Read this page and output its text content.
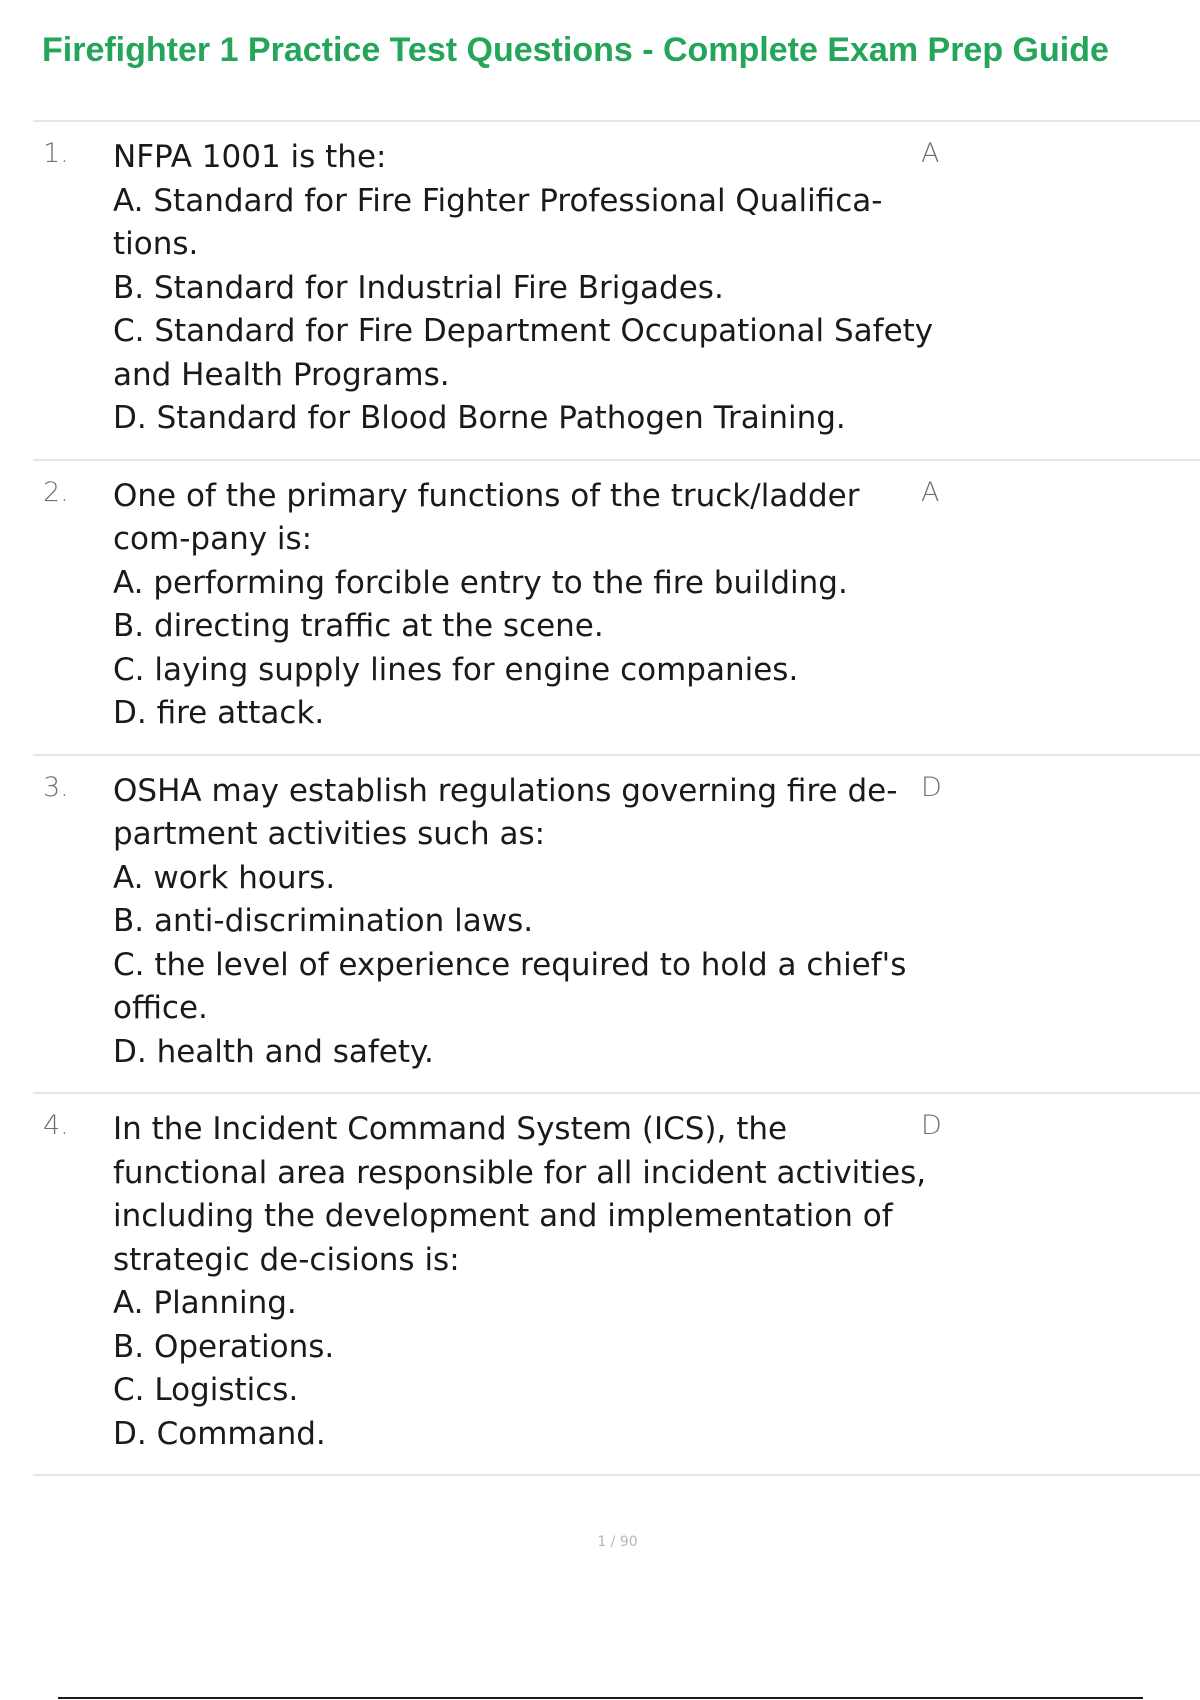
Firefighter 1 Practice Test Questions - Complete Exam Prep Guide
1. NFPA 1001 is the:
A. Standard for Fire Fighter Professional Qualifica-tions.
B. Standard for Industrial Fire Brigades.
C. Standard for Fire Department Occupational Safety and Health Programs.
D. Standard for Blood Borne Pathogen Training.
A
2. One of the primary functions of the truck/ladder com-pany is:
A. performing forcible entry to the fire building.
B. directing traffic at the scene.
C. laying supply lines for engine companies.
D. fire attack.
A
3. OSHA may establish regulations governing fire de-partment activities such as:
A. work hours.
B. anti-discrimination laws.
C. the level of experience required to hold a chief's office.
D. health and safety.
D
4. In the Incident Command System (ICS), the functional area responsible for all incident activities, including the development and implementation of strategic de-cisions is:
A. Planning.
B. Operations.
C. Logistics.
D. Command.
D
1 / 90
